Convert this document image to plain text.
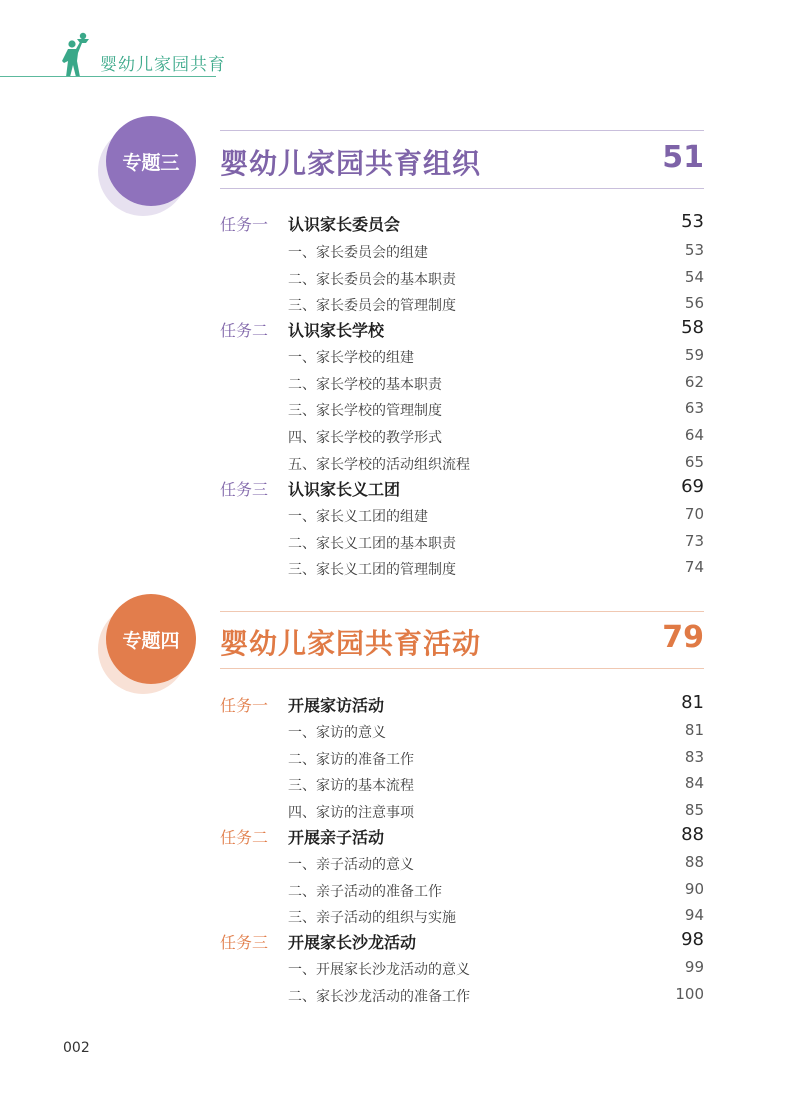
婴幼儿家园共育
专题三 婴幼儿家园共育组织	51
任务一 认识家长委员会	53
一、家长委员会的组建	53
二、家长委员会的基本职责	54
三、家长委员会的管理制度	56
任务二 认识家长学校	58
一、家长学校的组建	59
二、家长学校的基本职责	62
三、家长学校的管理制度	63
四、家长学校的教学形式	64
五、家长学校的活动组织流程	65
任务三 认识家长义工团	69
一、家长义工团的组建	70
二、家长义工团的基本职责	73
三、家长义工团的管理制度	74
专题四 婴幼儿家园共育活动	79
任务一 开展家访活动	81
一、家访的意义	81
二、家访的准备工作	83
三、家访的基本流程	84
四、家访的注意事项	85
任务二 开展亲子活动	88
一、亲子活动的意义	88
二、亲子活动的准备工作	90
三、亲子活动的组织与实施	94
任务三 开展家长沙龙活动	98
一、开展家长沙龙活动的意义	99
二、家长沙龙活动的准备工作	100
002
